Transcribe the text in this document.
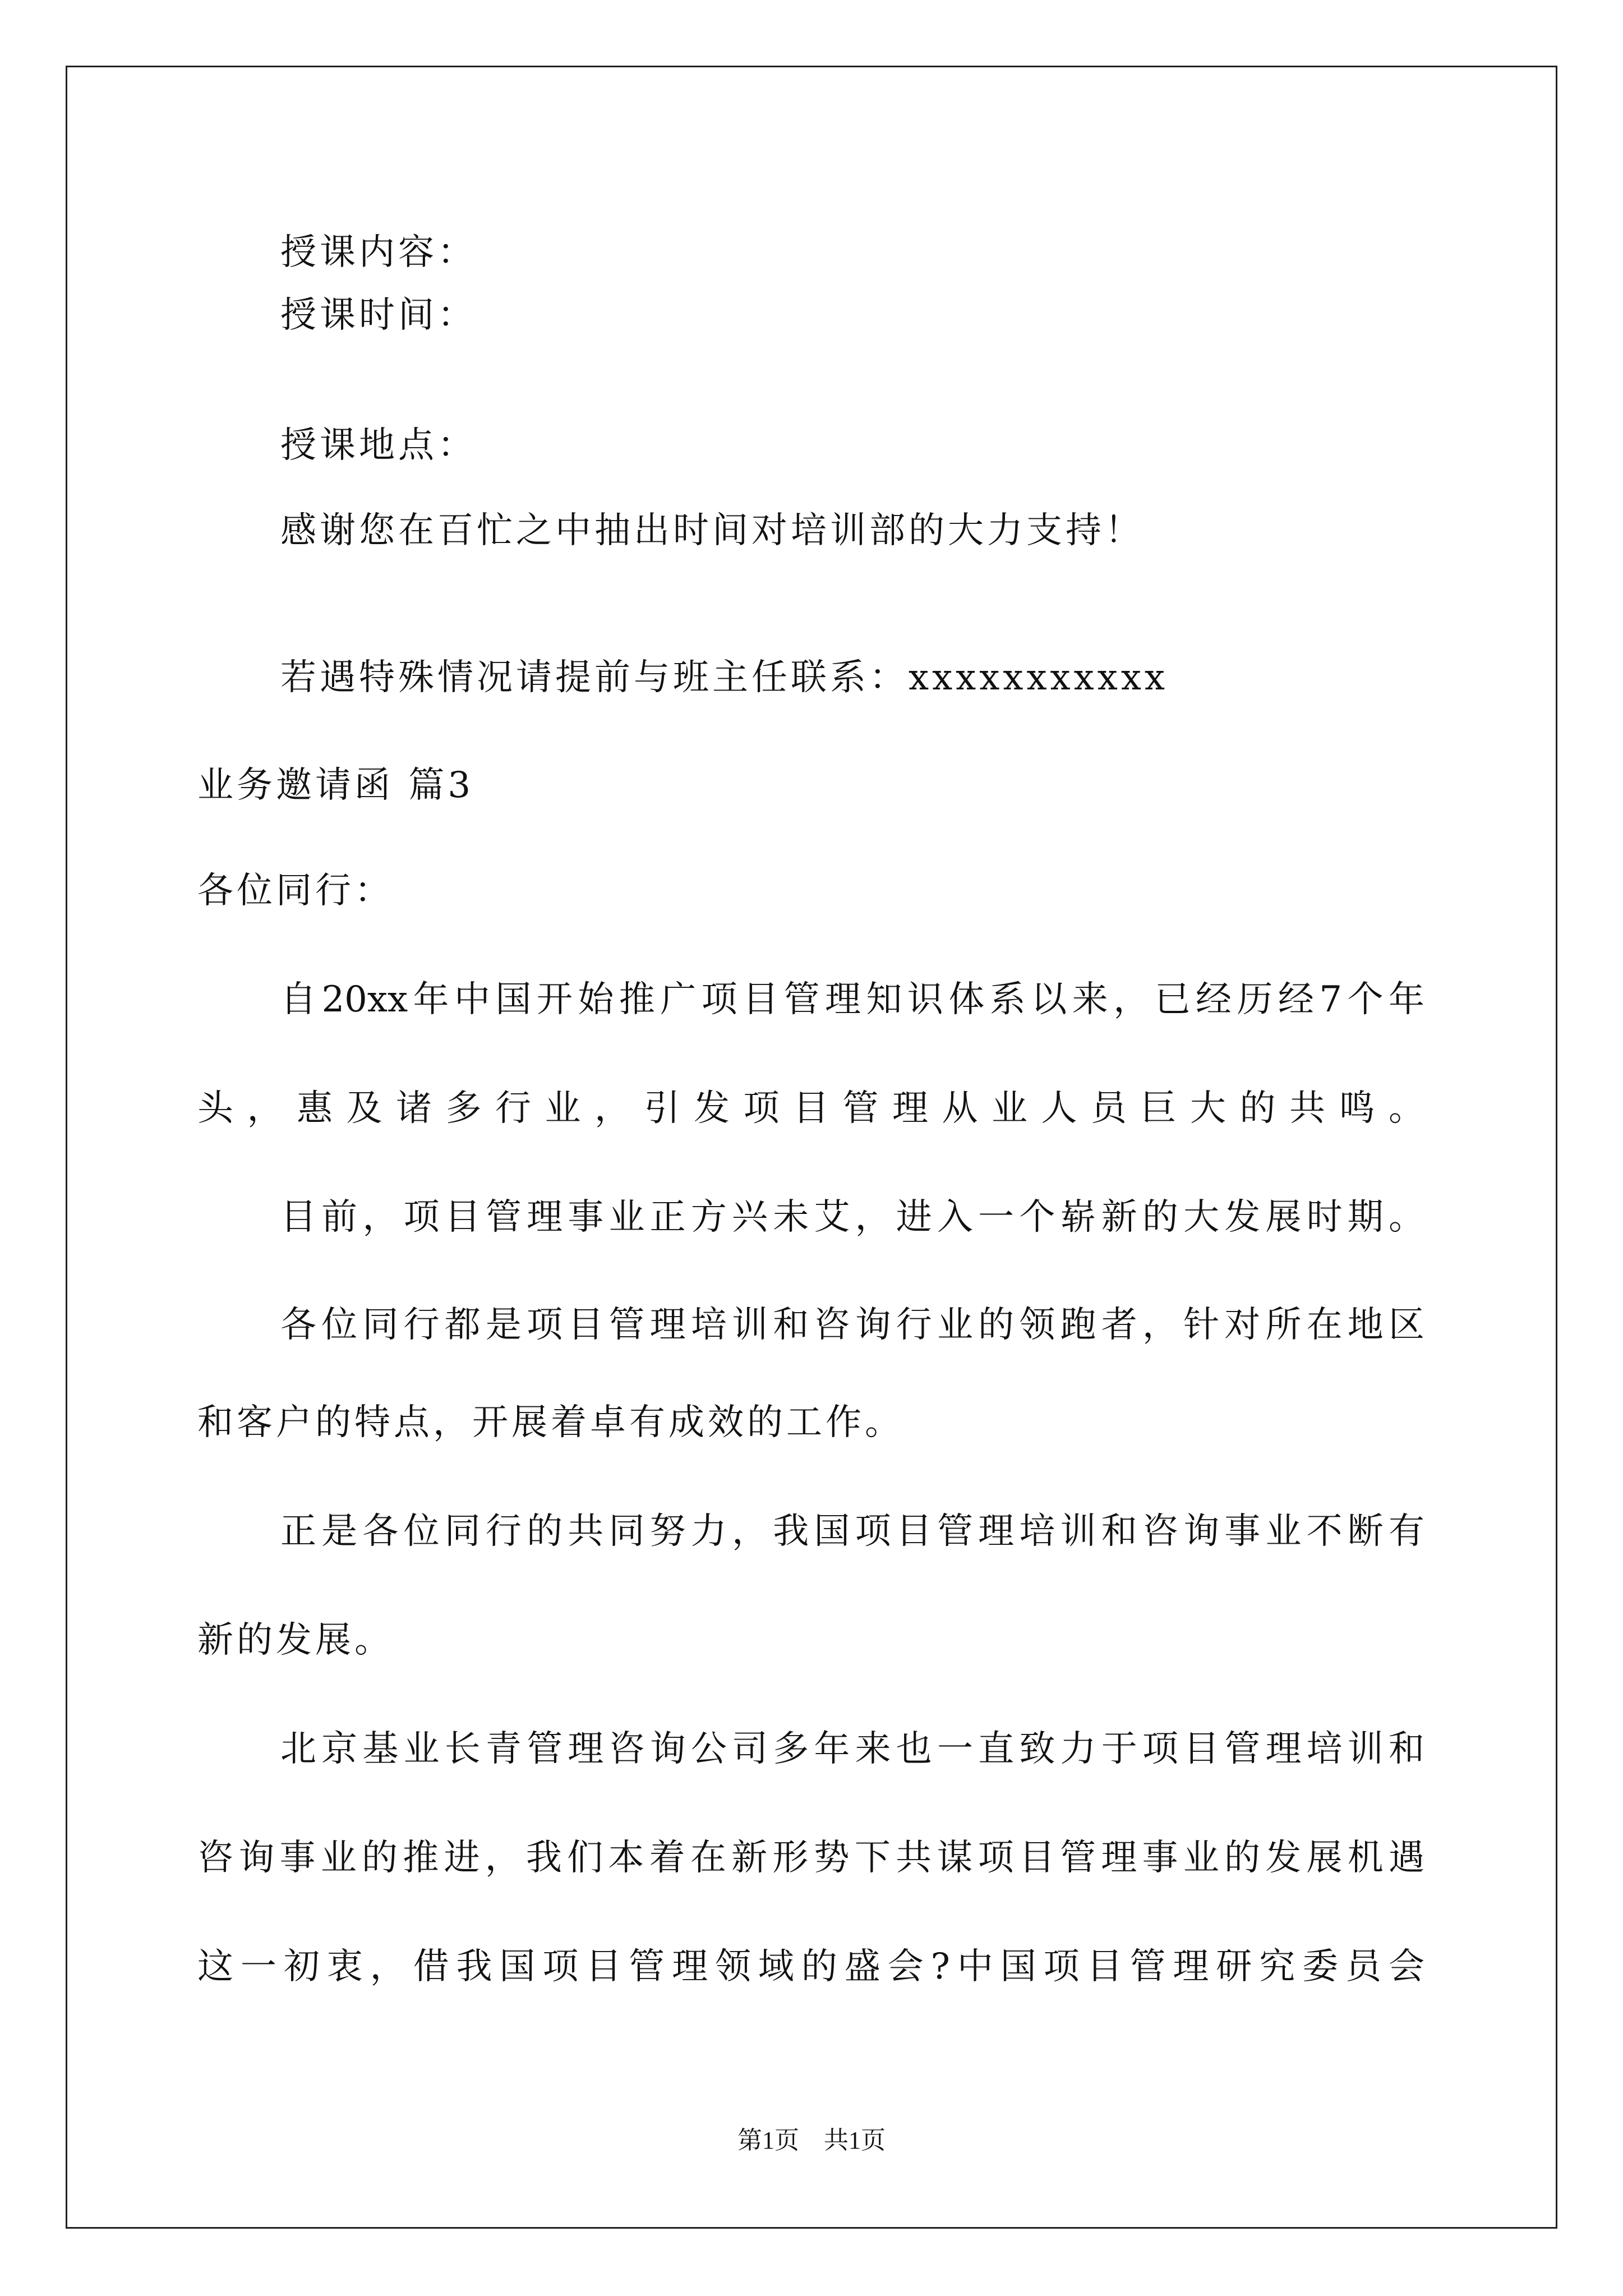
授课内容：
授课时间：
授课地点：
感谢您在百忙之中抽出时间对培训部的大力支持！
若遇特殊情况请提前与班主任联系：xxxxxxxxxxx
业务邀请函 篇3
各位同行：
自20xx年中国开始推广项目管理知识体系以来，已经历经7个年
头，惠及诸多行业，引发项目管理从业人员巨大的共鸣。
目前，项目管理事业正方兴未艾，进入一个崭新的大发展时期。
各位同行都是项目管理培训和咨询行业的领跑者，针对所在地区
和客户的特点，开展着卓有成效的工作。
正是各位同行的共同努力，我国项目管理培训和咨询事业不断有
新的发展。
北京基业长青管理咨询公司多年来也一直致力于项目管理培训和
咨询事业的推进，我们本着在新形势下共谋项目管理事业的发展机遇
这一初衷，借我国项目管理领域的盛会?中国项目管理研究委员会
第1页　共1页
